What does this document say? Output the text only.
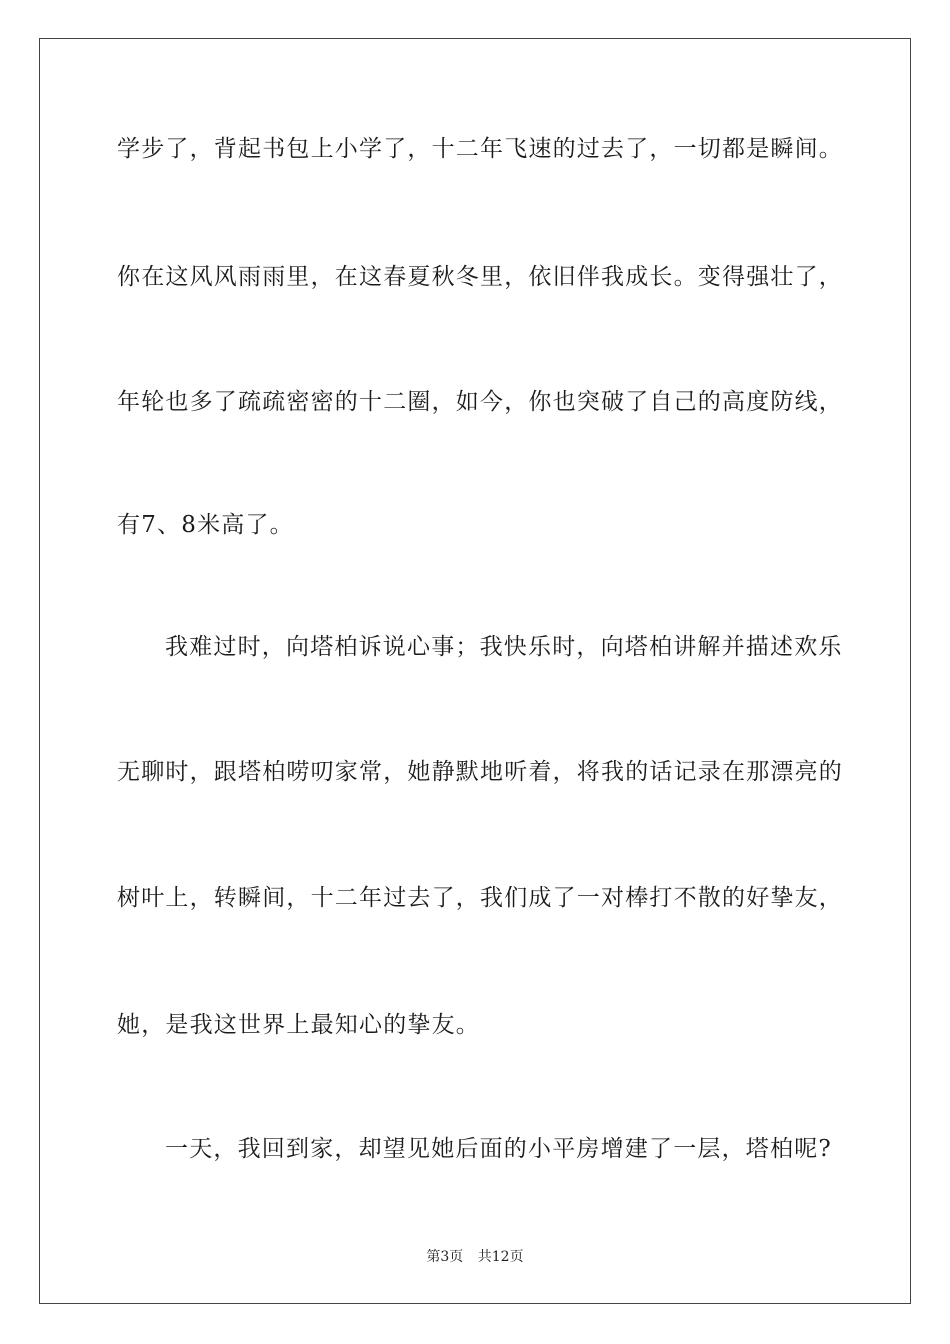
学步了，背起书包上小学了，十二年飞速的过去了，一切都是瞬间。
你在这风风雨雨里，在这春夏秋冬里，依旧伴我成长。变得强壮了，
年轮也多了疏疏密密的十二圈，如今，你也突破了自己的高度防线，
有7、8米高了。
我难过时，向塔柏诉说心事；我快乐时，向塔柏讲解并描述欢乐
无聊时，跟塔柏唠叨家常，她静默地听着，将我的话记录在那漂亮的
树叶上，转瞬间，十二年过去了，我们成了一对棒打不散的好挚友，
她，是我这世界上最知心的挚友。
一天，我回到家，却望见她后面的小平房增建了一层，塔柏呢?
第3页 共12页
